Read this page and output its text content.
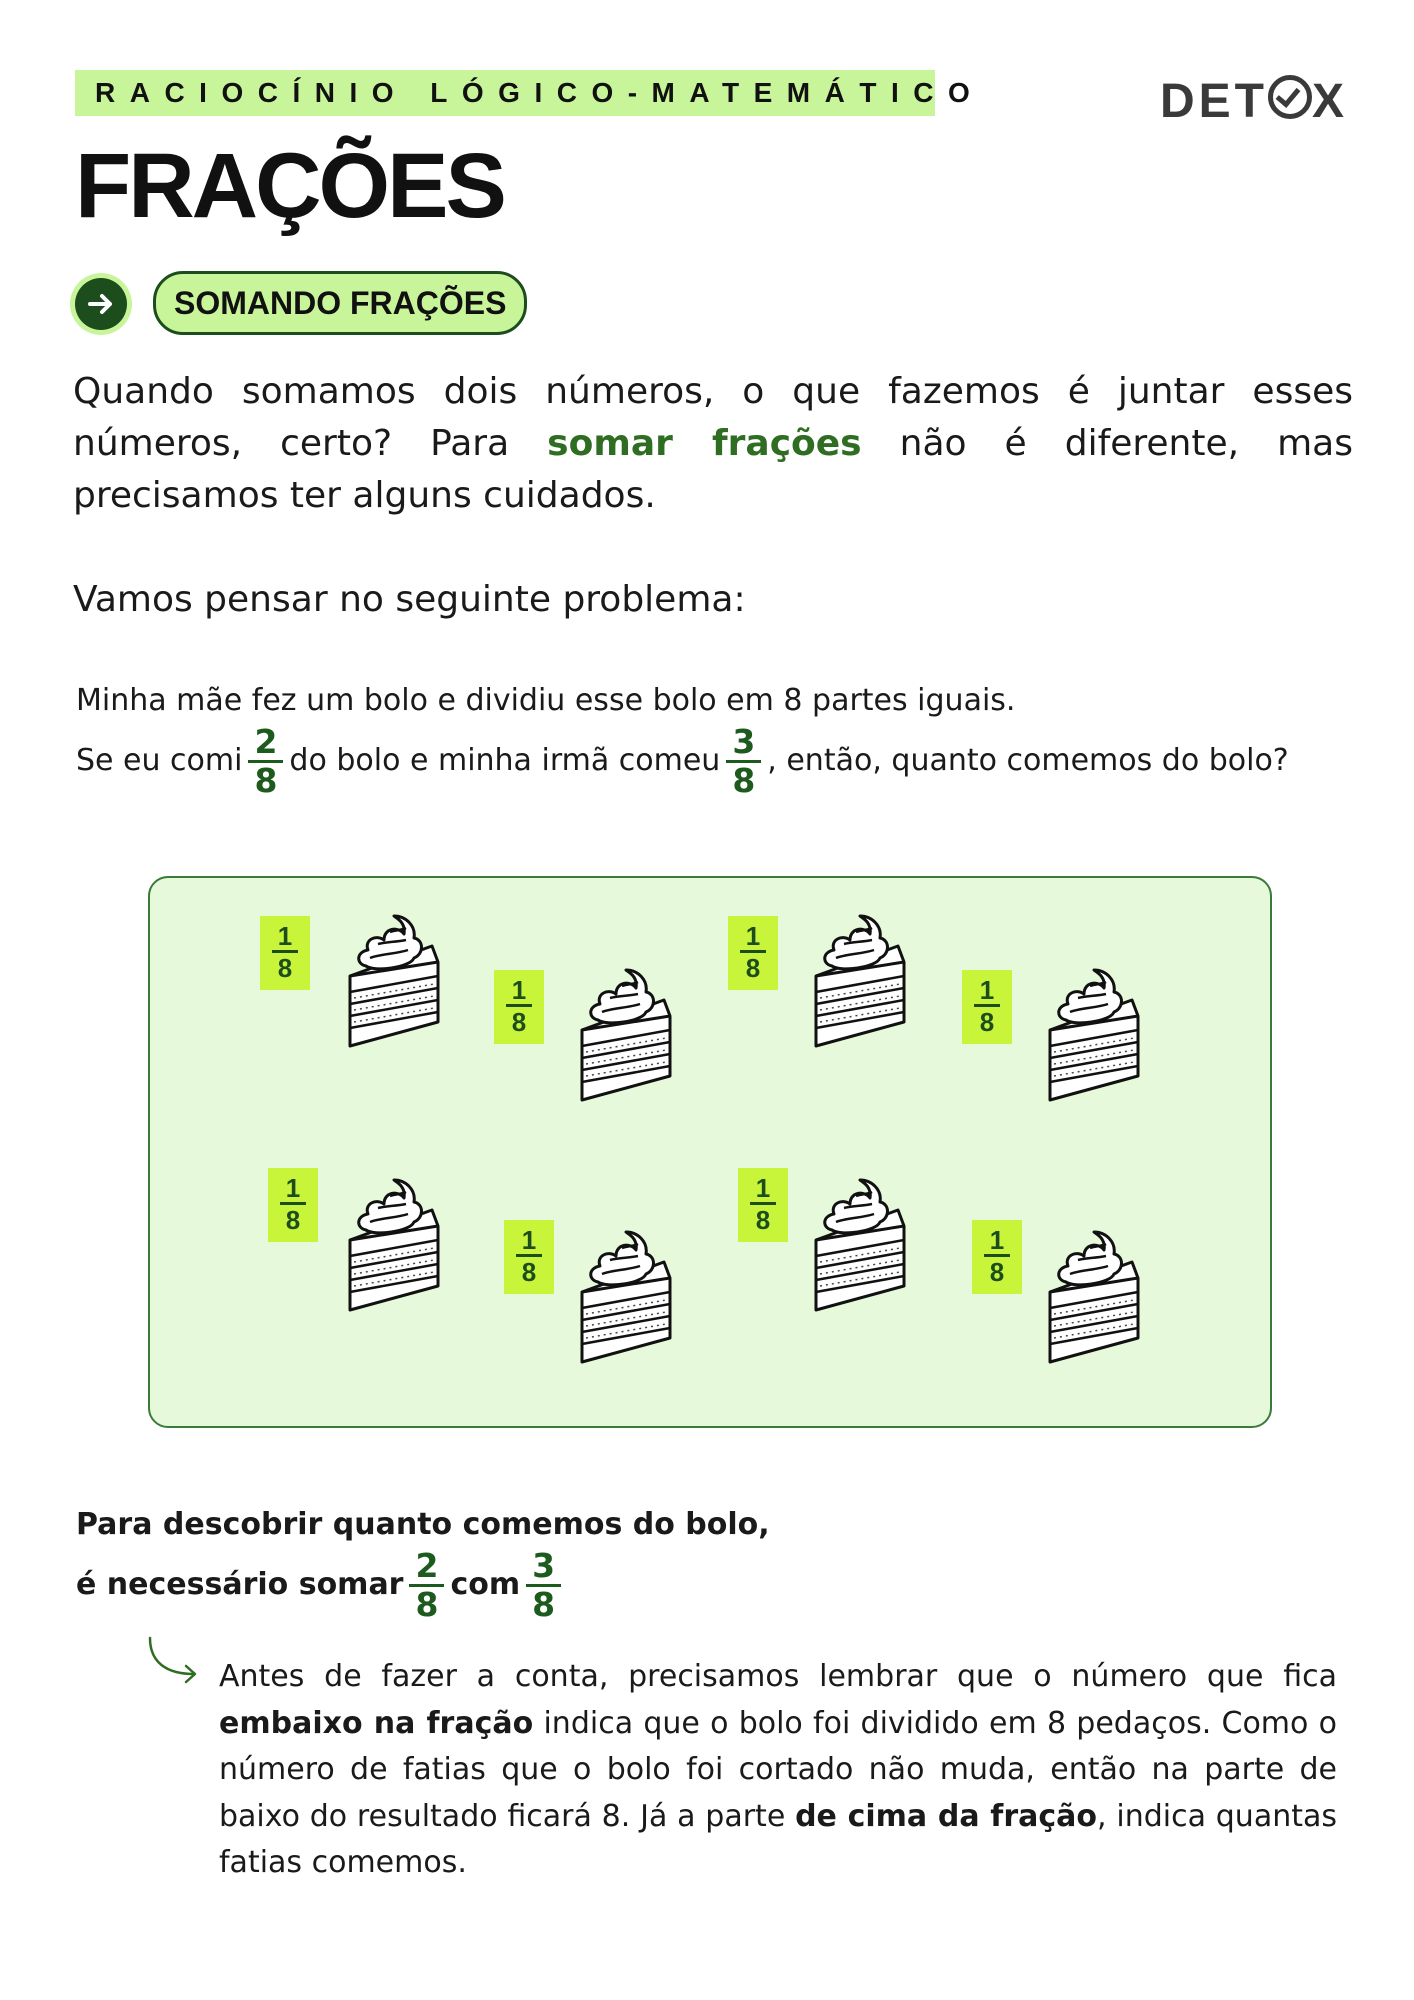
RACIOCÍNIO LÓGICO-MATEMÁTICO	DET X
FRAÇÕES
SOMANDO FRAÇÕES
Quando somamos dois números, o que fazemos é juntar esses números, certo? Para somar frações não é diferente, mas precisamos ter alguns cuidados.
Vamos pensar no seguinte problema:
Minha mãe fez um bolo e dividiu esse bolo em 8 partes iguais.
Se eu comi $\frac{2}{8}$ do bolo e minha irmã comeu $\frac{3}{8}$ , então, quanto comemos do bolo?
1
8
1
8
1
8
1
8
1
8
1
8
1
8
1
8
Para descobrir quanto comemos do bolo,
é necessário somar $\frac{2}{8}$ com $\frac{3}{8}$
Antes de fazer a conta, precisamos lembrar que o número que fica embaixo na fração indica que o bolo foi dividido em 8 pedaços. Como o número de fatias que o bolo foi cortado não muda, então na parte de baixo do resultado ficará 8. Já a parte de cima da fração, indica quantas fatias comemos.
